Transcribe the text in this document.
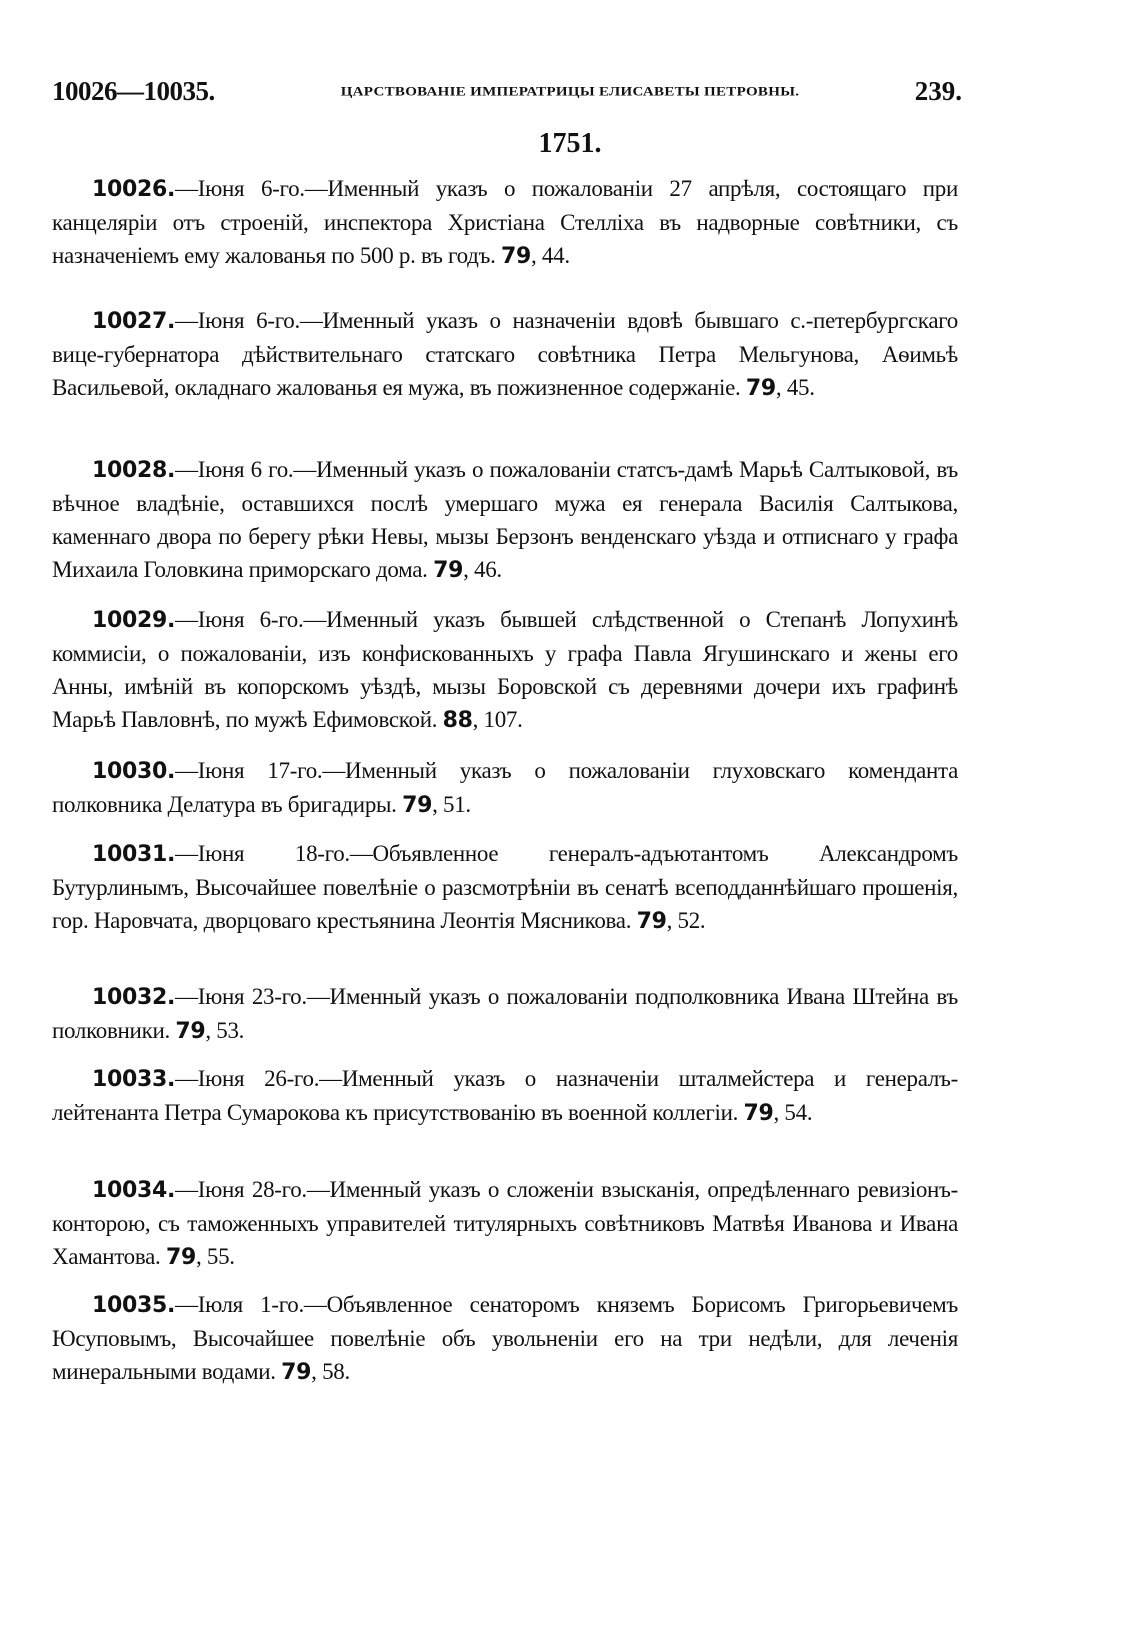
10026—10035.	ЦАРСТВОВАНІЕ ИМПЕРАТРИЦЫ ЕЛИСАВЕТЫ ПЕТРОВНЫ.	239.
1751.
10026.—Іюня 6-го.—Именный указъ о пожалованіи 27 апрѣля, состоящаго при канцеляріи отъ строеній, инспектора Христіана Стелліха въ надворные совѣтники, съ назначеніемъ ему жалованья по 500 р. въ годъ. 79, 44.
10027.—Іюня 6-го.—Именный указъ о назначеніи вдовѣ бывшаго с.-петербургскаго вице-губернатора дѣйствительнаго статскаго совѣтника Петра Мельгунова, Аѳимьѣ Васильевой, окладнаго жалованья ея мужа, въ пожизненное содержаніе. 79, 45.
10028.—Іюня 6 го.—Именный указъ о пожалованіи статсъ-дамѣ Марьѣ Салтыковой, въ вѣчное владѣніе, оставшихся послѣ умершаго мужа ея генерала Василія Салтыкова, каменнаго двора по берегу рѣки Невы, мызы Берзонъ венденскаго уѣзда и отписнаго у графа Михаила Головкина приморскаго дома. 79, 46.
10029.—Іюня 6-го.—Именный указъ бывшей слѣдственной о Степанѣ Лопухинѣ коммисіи, о пожалованіи, изъ конфискованныхъ у графа Павла Ягушинскаго и жены его Анны, имѣній въ копорскомъ уѣздѣ, мызы Боровской съ деревнями дочери ихъ графинѣ Марьѣ Павловнѣ, по мужѣ Ефимовской. 88, 107.
10030.—Іюня 17-го.—Именный указъ о пожалованіи глуховскаго коменданта полковника Делатура въ бригадиры. 79, 51.
10031.—Іюня 18-го.—Объявленное генералъ-адъютантомъ Александромъ Бутурлинымъ, Высочайшее повелѣніе о разсмотрѣніи въ сенатѣ всеподданнѣйшаго прошенія, гор. Наровчата, дворцоваго крестьянина Леонтія Мясникова. 79, 52.
10032.—Іюня 23-го.—Именный указъ о пожалованіи подполковника Ивана Штейна въ полковники. 79, 53.
10033.—Іюня 26-го.—Именный указъ о назначеніи шталмейстера и генералъ-лейтенанта Петра Сумарокова къ присутствованію въ военной коллегіи. 79, 54.
10034.—Іюня 28-го.—Именный указъ о сложеніи взысканія, опредѣленнаго ревизіонъ-конторою, съ таможенныхъ управителей титулярныхъ совѣтниковъ Матвѣя Иванова и Ивана Хамантова. 79, 55.
10035.—Іюля 1-го.—Объявленное сенаторомъ княземъ Борисомъ Григорьевичемъ Юсуповымъ, Высочайшее повелѣніе объ увольненіи его на три недѣли, для леченія минеральными водами. 79, 58.
